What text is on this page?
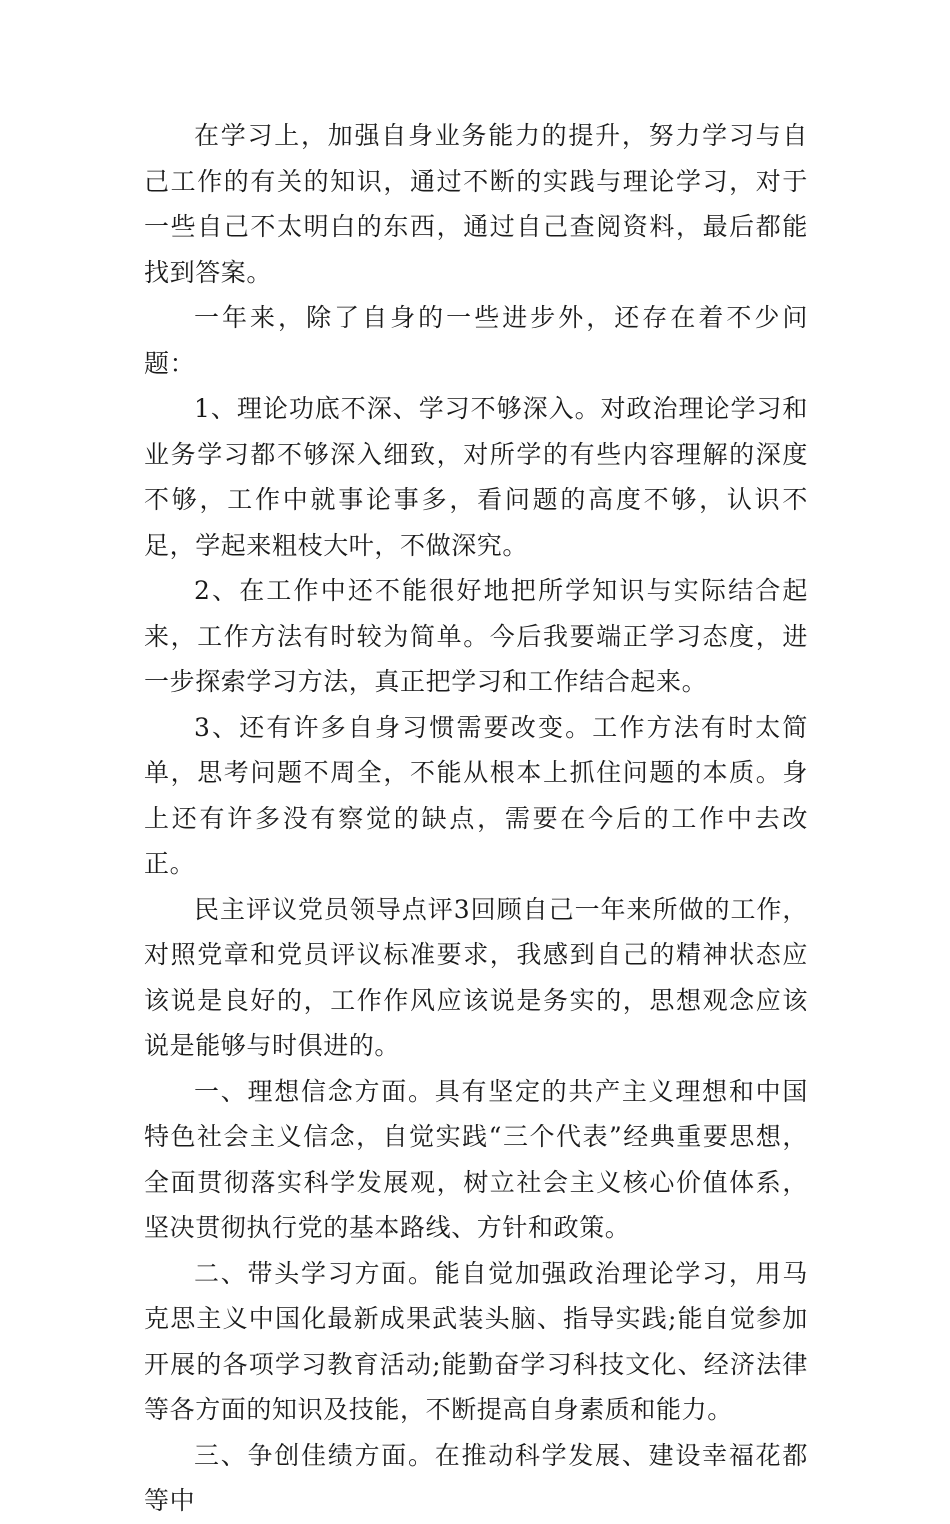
在学习上，加强自身业务能力的提升，努力学习与自己工作的有关的知识，通过不断的实践与理论学习，对于一些自己不太明白的东西，通过自己查阅资料，最后都能找到答案。

一年来，除了自身的一些进步外，还存在着不少问题：

1、理论功底不深、学习不够深入。对政治理论学习和业务学习都不够深入细致，对所学的有些内容理解的深度不够，工作中就事论事多，看问题的高度不够，认识不足，学起来粗枝大叶，不做深究。

2、在工作中还不能很好地把所学知识与实际结合起来，工作方法有时较为简单。今后我要端正学习态度，进一步探索学习方法，真正把学习和工作结合起来。

3、还有许多自身习惯需要改变。工作方法有时太简单，思考问题不周全，不能从根本上抓住问题的本质。身上还有许多没有察觉的缺点，需要在今后的工作中去改正。

民主评议党员领导点评3回顾自己一年来所做的工作，对照党章和党员评议标准要求，我感到自己的精神状态应该说是良好的，工作作风应该说是务实的，思想观念应该说是能够与时俱进的。

一、理想信念方面。具有坚定的共产主义理想和中国特色社会主义信念，自觉实践“三个代表”经典重要思想，全面贯彻落实科学发展观，树立社会主义核心价值体系，坚决贯彻执行党的基本路线、方针和政策。

二、带头学习方面。能自觉加强政治理论学习，用马克思主义中国化最新成果武装头脑、指导实践;能自觉参加开展的各项学习教育活动;能勤奋学习科技文化、经济法律等各方面的知识及技能，不断提高自身素质和能力。

三、争创佳绩方面。在推动科学发展、建设幸福花都等中
